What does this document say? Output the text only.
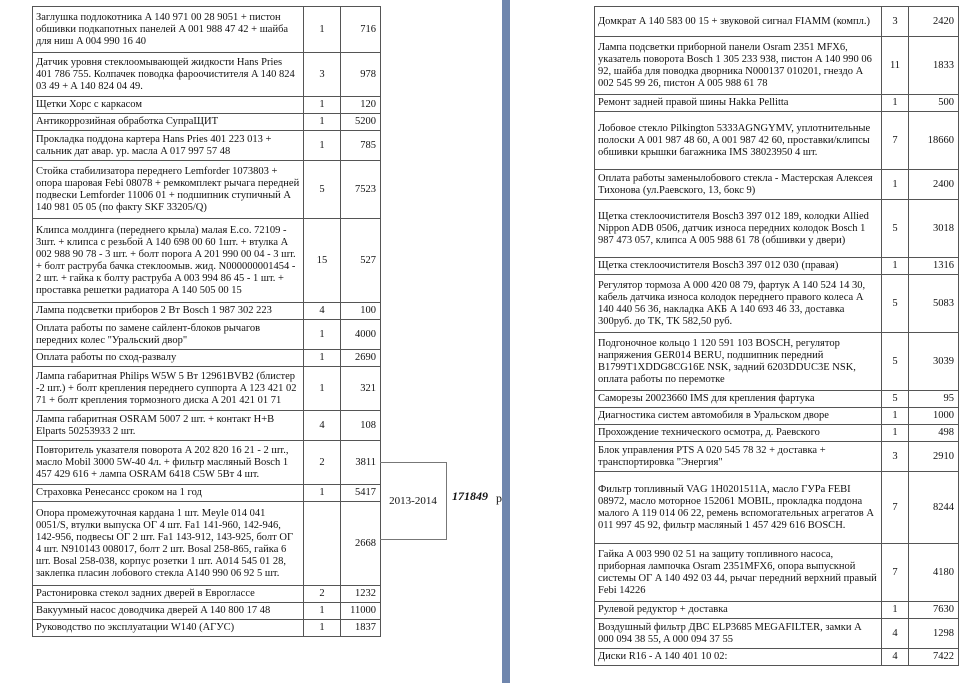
Заглушка подлокотника A 140 971 00 28 9051 + пистон обшивки подкапотных панелей A 001 988 47 42 + шайба для ниш A 004 990 16 40	1	716
Датчик уровня стеклоомывающей жидкости Hans Pries 401 786 755. Колпачек поводка фароочистителя A 140 824 03 49 + A 140 824 04 49.	3	978
Щетки Хорс с каркасом	1	120
Антикоррозийная обработка СупраЩИТ	1	5200
Прокладка поддона картера Hans Pries 401 223 013 + сальник дат авар. ур. масла A 017 997 57 48	1	785
Стойка стабилизатора переднего Lemforder 1073803 + опора шаровая Febi 08078 + ремкомплект рычага передней подвески Lemforder 11006 01 + подшипник ступичный A 140 981 05 05 (по факту SKF 33205/Q)	5	7523
Клипса молдинга (переднего крыла) малая E.co. 72109 - 3шт. + клипса с резьбой A 140 698 00 60 1шт. + втулка A 002 988 90 78 - 3 шт. + болт порога A 201 990 00 04 - 3 шт. + болт раструба бачка стеклоомыв. жид. N000000001454 - 2 шт. + гайка к болту раструба A 003 994 86 45 - 1 шт. + проставка решетки радиатора A 140 505 00 15	15	527
Лампа подсветки приборов 2 Вт Bosch 1 987 302 223	4	100
Оплата работы по замене сайлент-блоков рычагов передних колес "Уральский двор"	1	4000
Оплата работы по сход-развалу	1	2690
Лампа габаритная Philips W5W 5 Вт 12961BVB2 (блистер -2 шт.) + болт крепления переднего суппорта A 123 421 02 71 + болт крепления тормозного диска A 201 421 01 71	1	321
Лампа габаритная OSRAM 5007 2 шт. + контакт H+B Elparts 50253933 2 шт.	4	108
Повторитель указателя поворота A 202 820 16 21 - 2 шт., масло Mobil 3000 5W-40 4л. + фильтр масляный Bosch 1 457 429 616 + лампа OSRAM 6418 C5W 5Вт 4 шт.	2	3811
Страховка Ренесансс сроком на 1 год	1	5417
Опора промежуточная кардана 1 шт. Meyle 014 041 0051/S, втулки выпуска ОГ 4 шт. Fa1 141-960, 142-946, 142-956, подвесы ОГ 2 шт. Fa1 143-912, 143-925, болт ОГ 4 шт. N910143 008017, болт 2 шт. Bosal 258-865, гайка 6 шт. Bosal 258-038, корпус розетки 1 шт. A014 545 01 28, заклепка пласин лобового стекла A140 990 06 92 5 шт.		2668
Растонировка стекол задних дверей в Евроглассе	2	1232
Вакуумный насос доводчика дверей A 140 800 17 48	1	11000
Руководство по эксплуатации W140 (АГУС)	1	1837
2013-2014	171849 р
Домкрат A 140 583 00 15 + звуковой сигнал FIAMM (компл.)	3	2420
Лампа подсветки приборной панели Osram 2351 MFX6, указатель поворота Bosch 1 305 233 938, пистон A 140 990 06 92, шайба для поводка дворника N000137 010201, гнездо A 002 545 99 26, пистон A 005 988 61 78	11	1833
Ремонт задней правой шины Hakka Pellitta	1	500
Лобовое стекло Pilkington 5333AGNGYMV, уплотнительные полоски A 001 987 48 60, A 001 987 42 60, проставки/клипсы обшивки крышки багажника IMS 38023950 4 шт.	7	18660
Оплата работы заменылобового стекла - Мастерская Алексея Тихонова (ул.Раевского, 13, бокс 9)	1	2400
Щетка стеклоочистителя Bosch3 397 012 189, колодки Allied Nippon ADB 0506, датчик износа передних колодок Bosch 1 987 473 057, клипса A 005 988 61 78 (обшивки у двери)	5	3018
Щетка стеклоочистителя Bosch3 397 012 030 (правая)	1	1316
Регулятор тормоза A 000 420 08 79, фартук A 140 524 14 30, кабель датчика износа колодок переднего правого колеса A 140 440 56 36, накладка АКБ A 140 693 46 33, доставка 300руб. до ТК, ТК 582,50 руб.	5	5083
Подгоночное кольцо 1 120 591 103 BOSCH, регулятор напряжения GER014 BERU, подшипник передний B1799T1XDDG8CG16E NSK, задний 6203DDUC3E NSK, оплата работы по перемотке	5	3039
Саморезы 20023660 IMS для крепления фартука	5	95
Диагностика систем автомобиля в Уральском дворе	1	1000
Прохождение технического осмотра, д. Раевского	1	498
Блок управления PTS A 020 545 78 32 + доставка + транспортировка "Энергия"	3	2910
Фильтр топливный VAG 1H0201511A, масло ГУРа FEBI 08972, масло моторное 152061 MOBIL, прокладка поддона малого A 119 014 06 22, ремень вспомогательных агрегатов A 011 997 45 92, фильтр масляный 1 457 429 616 BOSCH.	7	8244
Гайка A 003 990 02 51 на защиту топливного насоса, приборная лампочка Osram 2351MFX6, опора выпускной системы ОГ A 140 492 03 44, рычаг передний верхний правый Febi 14226	7	4180
Рулевой редуктор + доставка	1	7630
Воздушный фильтр ДВС ELP3685 MEGAFILTER, замки A 000 094 38 55, A 000 094 37 55	4	1298
Диски R16 - A 140 401 10 02:	4	7422
